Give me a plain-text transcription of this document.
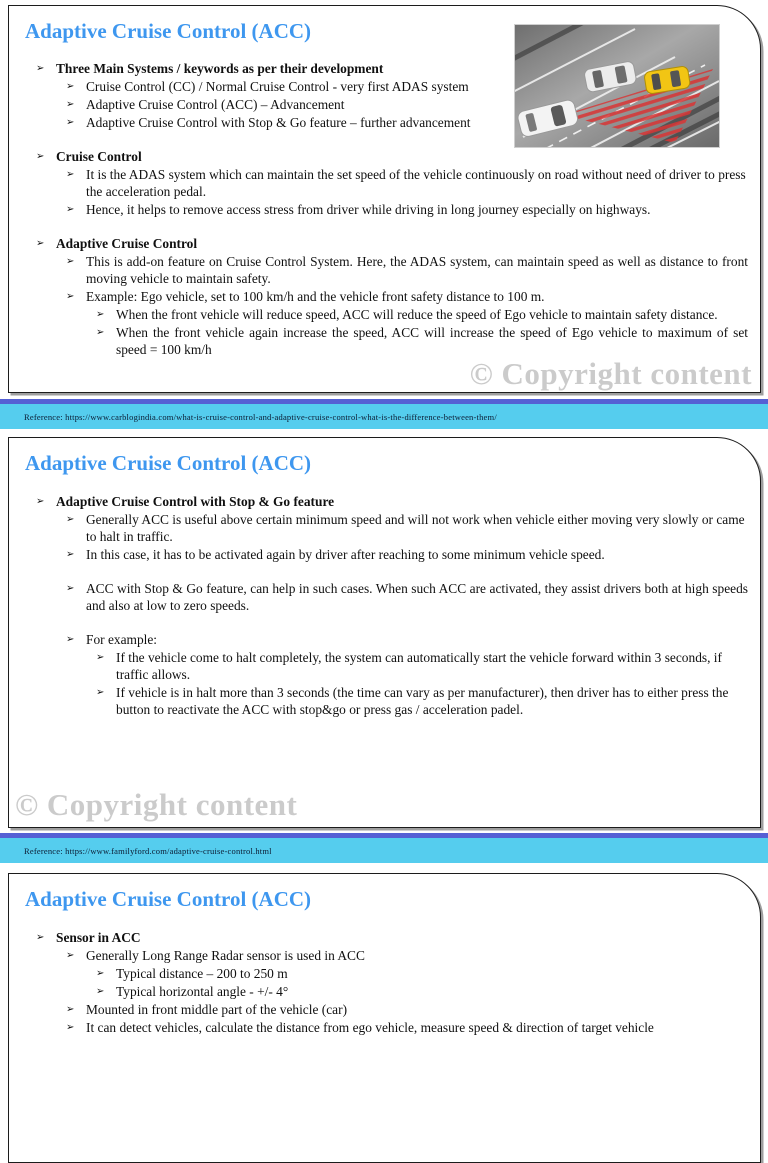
Adaptive Cruise Control (ACC)
➢ Three Main Systems / keywords as per their development
➢ Cruise Control (CC) / Normal Cruise Control - very first ADAS system
➢ Adaptive Cruise Control (ACC) – Advancement
➢ Adaptive Cruise Control with Stop & Go feature – further advancement
➢ Cruise Control
➢ It is the ADAS system which can maintain the set speed of the vehicle continuously on road without need of driver to press the acceleration pedal.
➢ Hence, it helps to remove access stress from driver while driving in long journey especially on highways.
➢ Adaptive Cruise Control
➢ This is add-on feature on Cruise Control System. Here, the ADAS system, can maintain speed as well as distance to front moving vehicle to maintain safety.
➢ Example: Ego vehicle, set to 100 km/h and the vehicle front safety distance to 100 m.
➢ When the front vehicle will reduce speed, ACC will reduce the speed of Ego vehicle to maintain safety distance.
➢ When the front vehicle again increase the speed, ACC will increase the speed of Ego vehicle to maximum of set speed = 100 km/h
© Copyright content
Reference: https://www.carblogindia.com/what-is-cruise-control-and-adaptive-cruise-control-what-is-the-difference-between-them/
Adaptive Cruise Control (ACC)
➢ Adaptive Cruise Control with Stop & Go feature
➢ Generally ACC is useful above certain minimum speed and will not work when vehicle either moving very slowly or came to halt in traffic.
➢ In this case, it has to be activated again by driver after reaching to some minimum vehicle speed.
➢ ACC with Stop & Go feature, can help in such cases. When such ACC are activated, they assist drivers both at high speeds and also at low to zero speeds.
➢ For example:
➢ If the vehicle come to halt completely, the system can automatically start the vehicle forward within 3 seconds, if traffic allows.
➢ If vehicle is in halt more than 3 seconds (the time can vary as per manufacturer), then driver has to either press the button to reactivate the ACC with stop&go or press gas / acceleration padel.
© Copyright content
Reference: https://www.familyford.com/adaptive-cruise-control.html
Adaptive Cruise Control (ACC)
➢ Sensor in ACC
➢ Generally Long Range Radar sensor is used in ACC
➢ Typical distance – 200 to 250 m
➢ Typical horizontal angle - +/- 4°
➢ Mounted in front middle part of the vehicle (car)
➢ It can detect vehicles, calculate the distance from ego vehicle, measure speed & direction of target vehicle
